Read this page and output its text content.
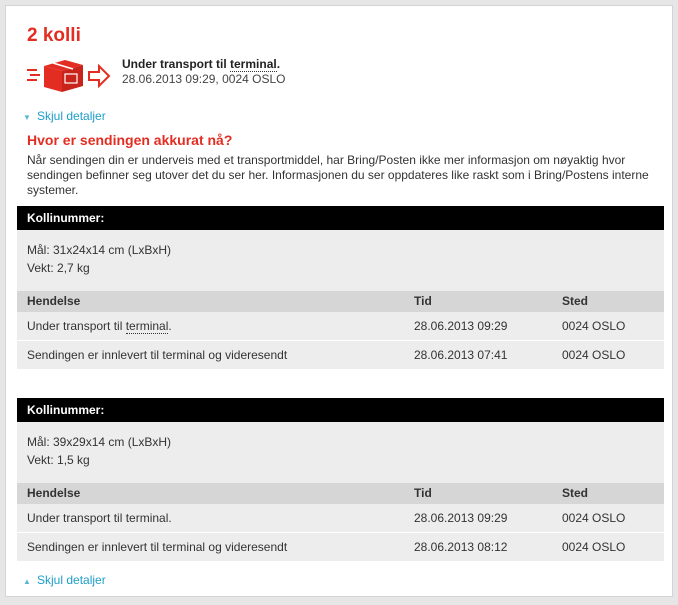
2 kolli
Under transport til terminal.
28.06.2013 09:29, 0024 OSLO
▼ Skjul detaljer
Hvor er sendingen akkurat nå?
Når sendingen din er underveis med et transportmiddel, har Bring/Posten ikke mer informasjon om nøyaktig hvor sendingen befinner seg utover det du ser her. Informasjonen du ser oppdateres like raskt som i Bring/Postens interne systemer.
Kollinummer:
Mål: 31x24x14 cm (LxBxH)
Vekt: 2,7 kg
Hendelse	Tid	Sted
Under transport til terminal.	28.06.2013 09:29	0024 OSLO
Sendingen er innlevert til terminal og videresendt	28.06.2013 07:41	0024 OSLO
Kollinummer:
Mål: 39x29x14 cm (LxBxH)
Vekt: 1,5 kg
Hendelse	Tid	Sted
Under transport til terminal.	28.06.2013 09:29	0024 OSLO
Sendingen er innlevert til terminal og videresendt	28.06.2013 08:12	0024 OSLO
▲ Skjul detaljer
